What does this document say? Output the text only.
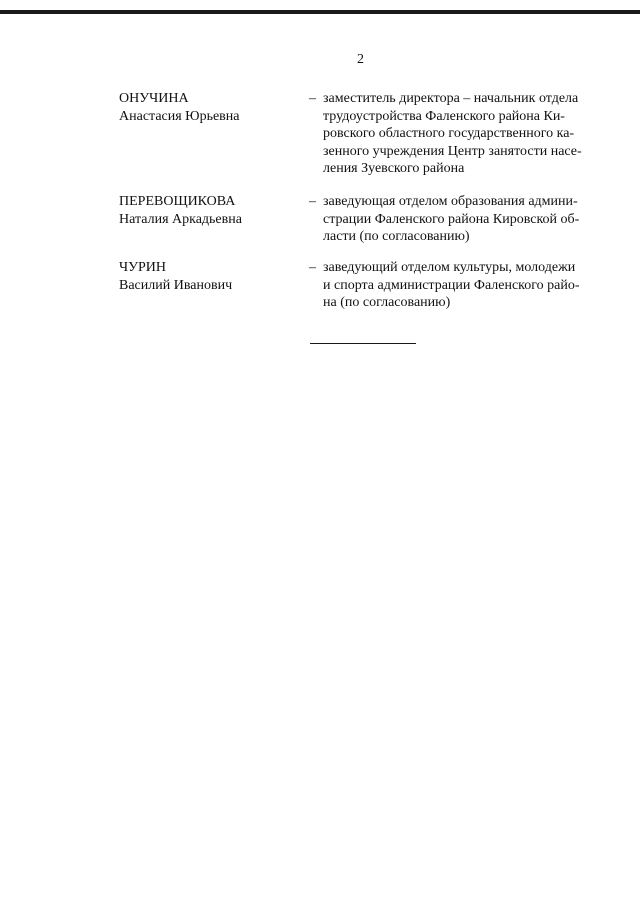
2
ОНУЧИНА
Анастасия Юрьевна
– заместитель директора – начальник отдела
трудоустройства Фаленского района Ки-
ровского областного государственного ка-
зенного учреждения Центр занятости насе-
ления Зуевского района
ПЕРЕВОЩИКОВА
Наталия Аркадьевна
– заведующая отделом образования админи-
страции Фаленского района Кировской об-
ласти (по согласованию)
ЧУРИН
Василий Иванович
– заведующий отделом культуры, молодежи
и спорта администрации Фаленского райо-
на (по согласованию)
